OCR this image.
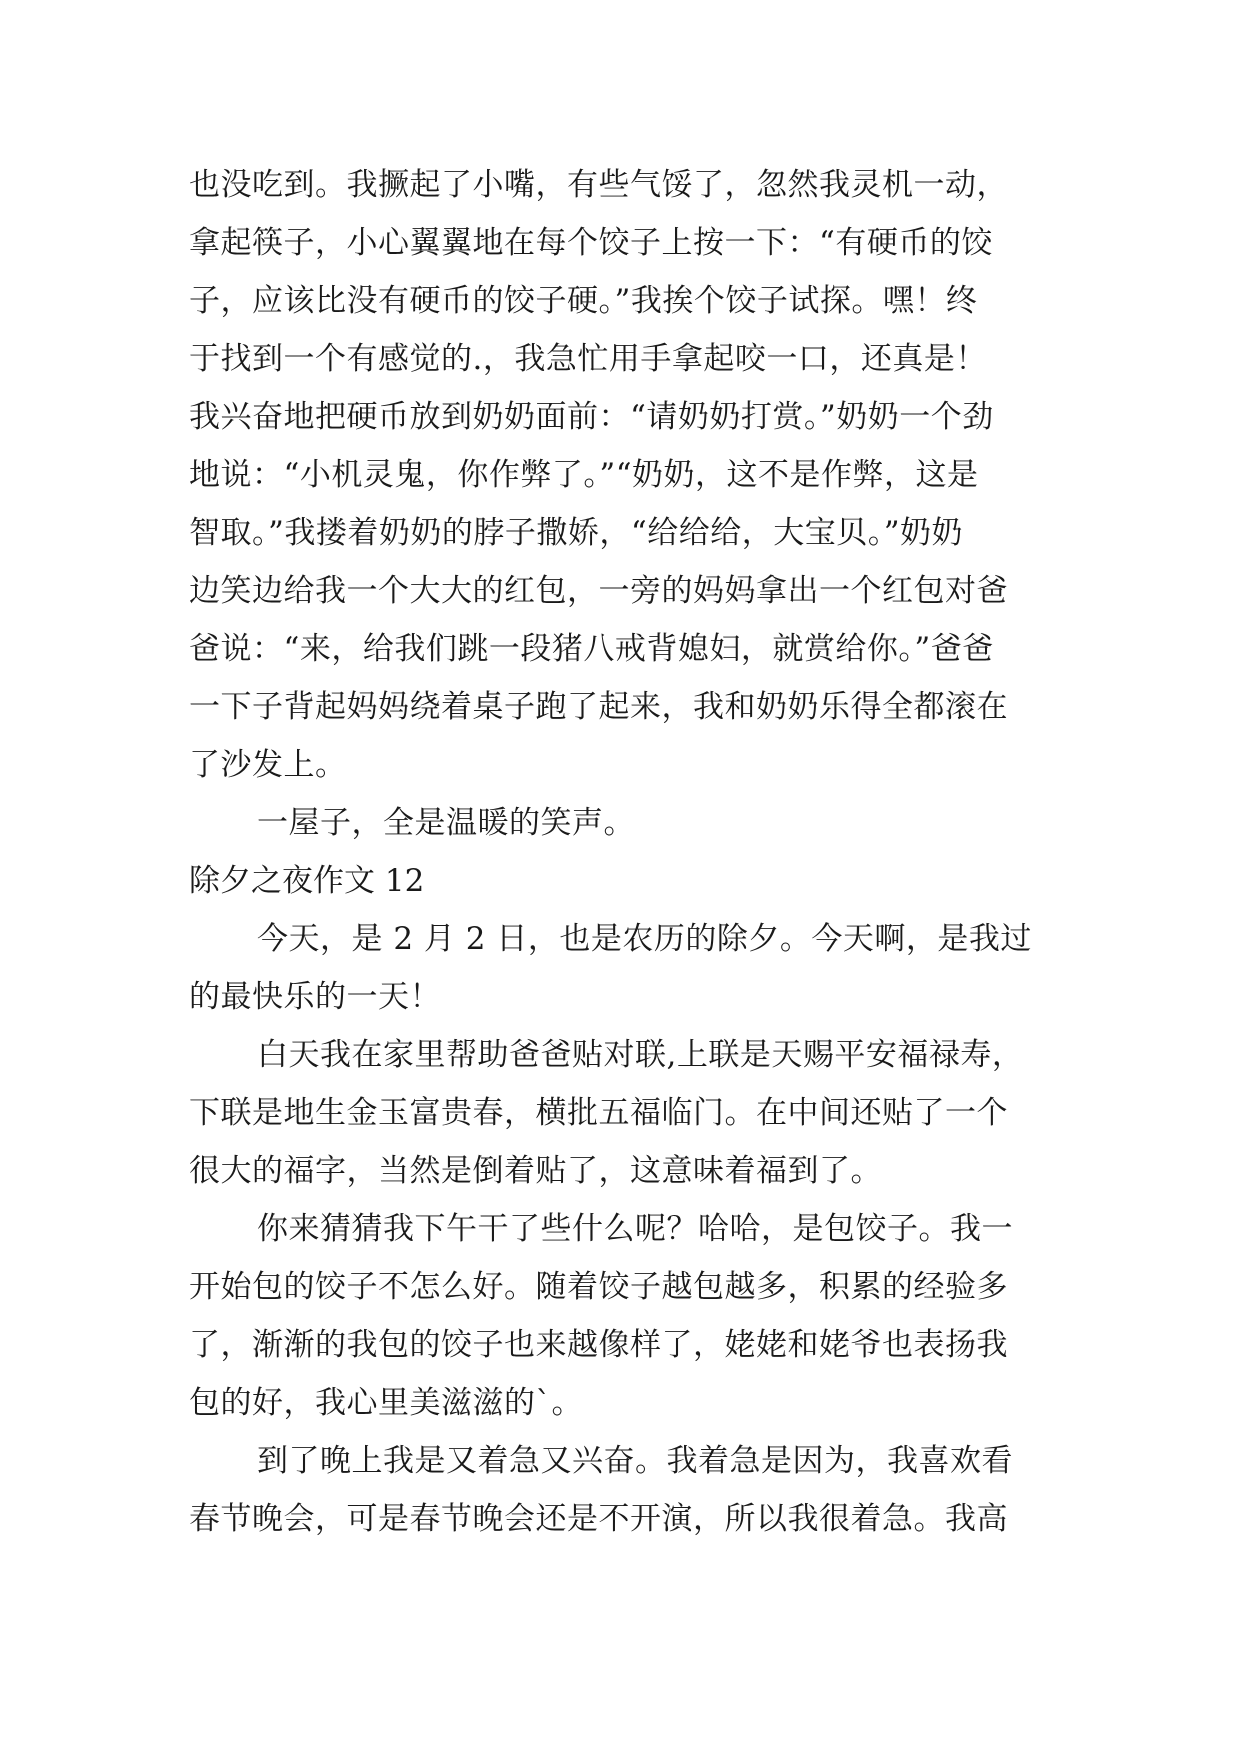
也没吃到。我撅起了小嘴，有些气馁了，忽然我灵机一动，
拿起筷子，小心翼翼地在每个饺子上按一下：“有硬币的饺
子，应该比没有硬币的饺子硬。”我挨个饺子试探。嘿！终
于找到一个有感觉的.，我急忙用手拿起咬一口，还真是！
我兴奋地把硬币放到奶奶面前：“请奶奶打赏。”奶奶一个劲
地说：“小机灵鬼，你作弊了。”“奶奶，这不是作弊，这是
智取。”我搂着奶奶的脖子撒娇，“给给给，大宝贝。”奶奶
边笑边给我一个大大的红包，一旁的妈妈拿出一个红包对爸
爸说：“来，给我们跳一段猪八戒背媳妇，就赏给你。”爸爸
一下子背起妈妈绕着桌子跑了起来，我和奶奶乐得全都滚在
了沙发上。
一屋子，全是温暖的笑声。
除夕之夜作文 12
今天，是 2 月 2 日，也是农历的除夕。今天啊，是我过
的最快乐的一天！
白天我在家里帮助爸爸贴对联,上联是天赐平安福禄寿，
下联是地生金玉富贵春，横批五福临门。在中间还贴了一个
很大的福字，当然是倒着贴了，这意味着福到了。
你来猜猜我下午干了些什么呢？哈哈，是包饺子。我一
开始包的饺子不怎么好。随着饺子越包越多，积累的经验多
了，渐渐的我包的饺子也来越像样了，姥姥和姥爷也表扬我
包的好，我心里美滋滋的`。
到了晚上我是又着急又兴奋。我着急是因为，我喜欢看
春节晚会，可是春节晚会还是不开演，所以我很着急。我高
